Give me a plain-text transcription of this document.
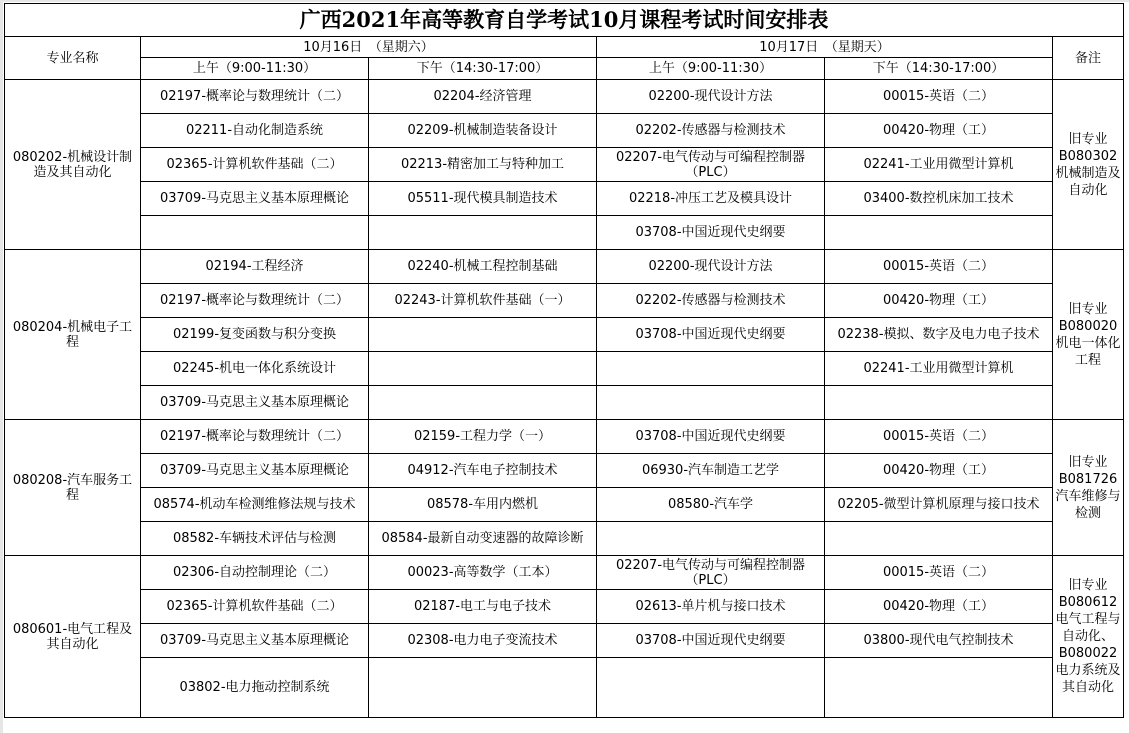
广西2021年高等教育自学考试10月课程考试时间安排表					
专业名称	10月16日　（星期六）		10月17日　（星期天）		备注
	上午（9:00-11:30）	下午（14:30-17:00）	上午（9:00-11:30）	下午（14:30-17:00）	
080202-机械设计制造及其自动化	02197-概率论与数理统计（二）	02204-经济管理	02200-现代设计方法	00015-英语（二）	旧专业B080302机械制造及自动化
	02211-自动化制造系统	02209-机械制造装备设计	02202-传感器与检测技术	00420-物理（工）	
	02365-计算机软件基础（二）	02213-精密加工与特种加工	02207-电气传动与可编程控制器（PLC）	02241-工业用微型计算机	
	03709-马克思主义基本原理概论	05511-现代模具制造技术	02218-冲压工艺及模具设计	03400-数控机床加工技术	
			03708-中国近现代史纲要		
080204-机械电子工程	02194-工程经济	02240-机械工程控制基础	02200-现代设计方法	00015-英语（二）	旧专业B080020机电一体化工程
	02197-概率论与数理统计（二）	02243-计算机软件基础（一）	02202-传感器与检测技术	00420-物理（工）	
	02199-复变函数与积分变换		03708-中国近现代史纲要	02238-模拟、数字及电力电子技术	
	02245-机电一体化系统设计			02241-工业用微型计算机	
	03709-马克思主义基本原理概论				
080208-汽车服务工程	02197-概率论与数理统计（二）	02159-工程力学（一）	03708-中国近现代史纲要	00015-英语（二）	旧专业B081726汽车维修与检测
	03709-马克思主义基本原理概论	04912-汽车电子控制技术	06930-汽车制造工艺学	00420-物理（工）	
	08574-机动车检测维修法规与技术	08578-车用内燃机	08580-汽车学	02205-微型计算机原理与接口技术	
	08582-车辆技术评估与检测	08584-最新自动变速器的故障诊断			
080601-电气工程及其自动化	02306-自动控制理论（二）	00023-高等数学（工本）	02207-电气传动与可编程控制器（PLC）	00015-英语（二）	旧专业B080612电气工程与自动化、B080022电力系统及其自动化
	02365-计算机软件基础（二）	02187-电工与电子技术	02613-单片机与接口技术	00420-物理（工）	
	03709-马克思主义基本原理概论	02308-电力电子变流技术	03708-中国近现代史纲要	03800-现代电气控制技术	
	03802-电力拖动控制系统				
